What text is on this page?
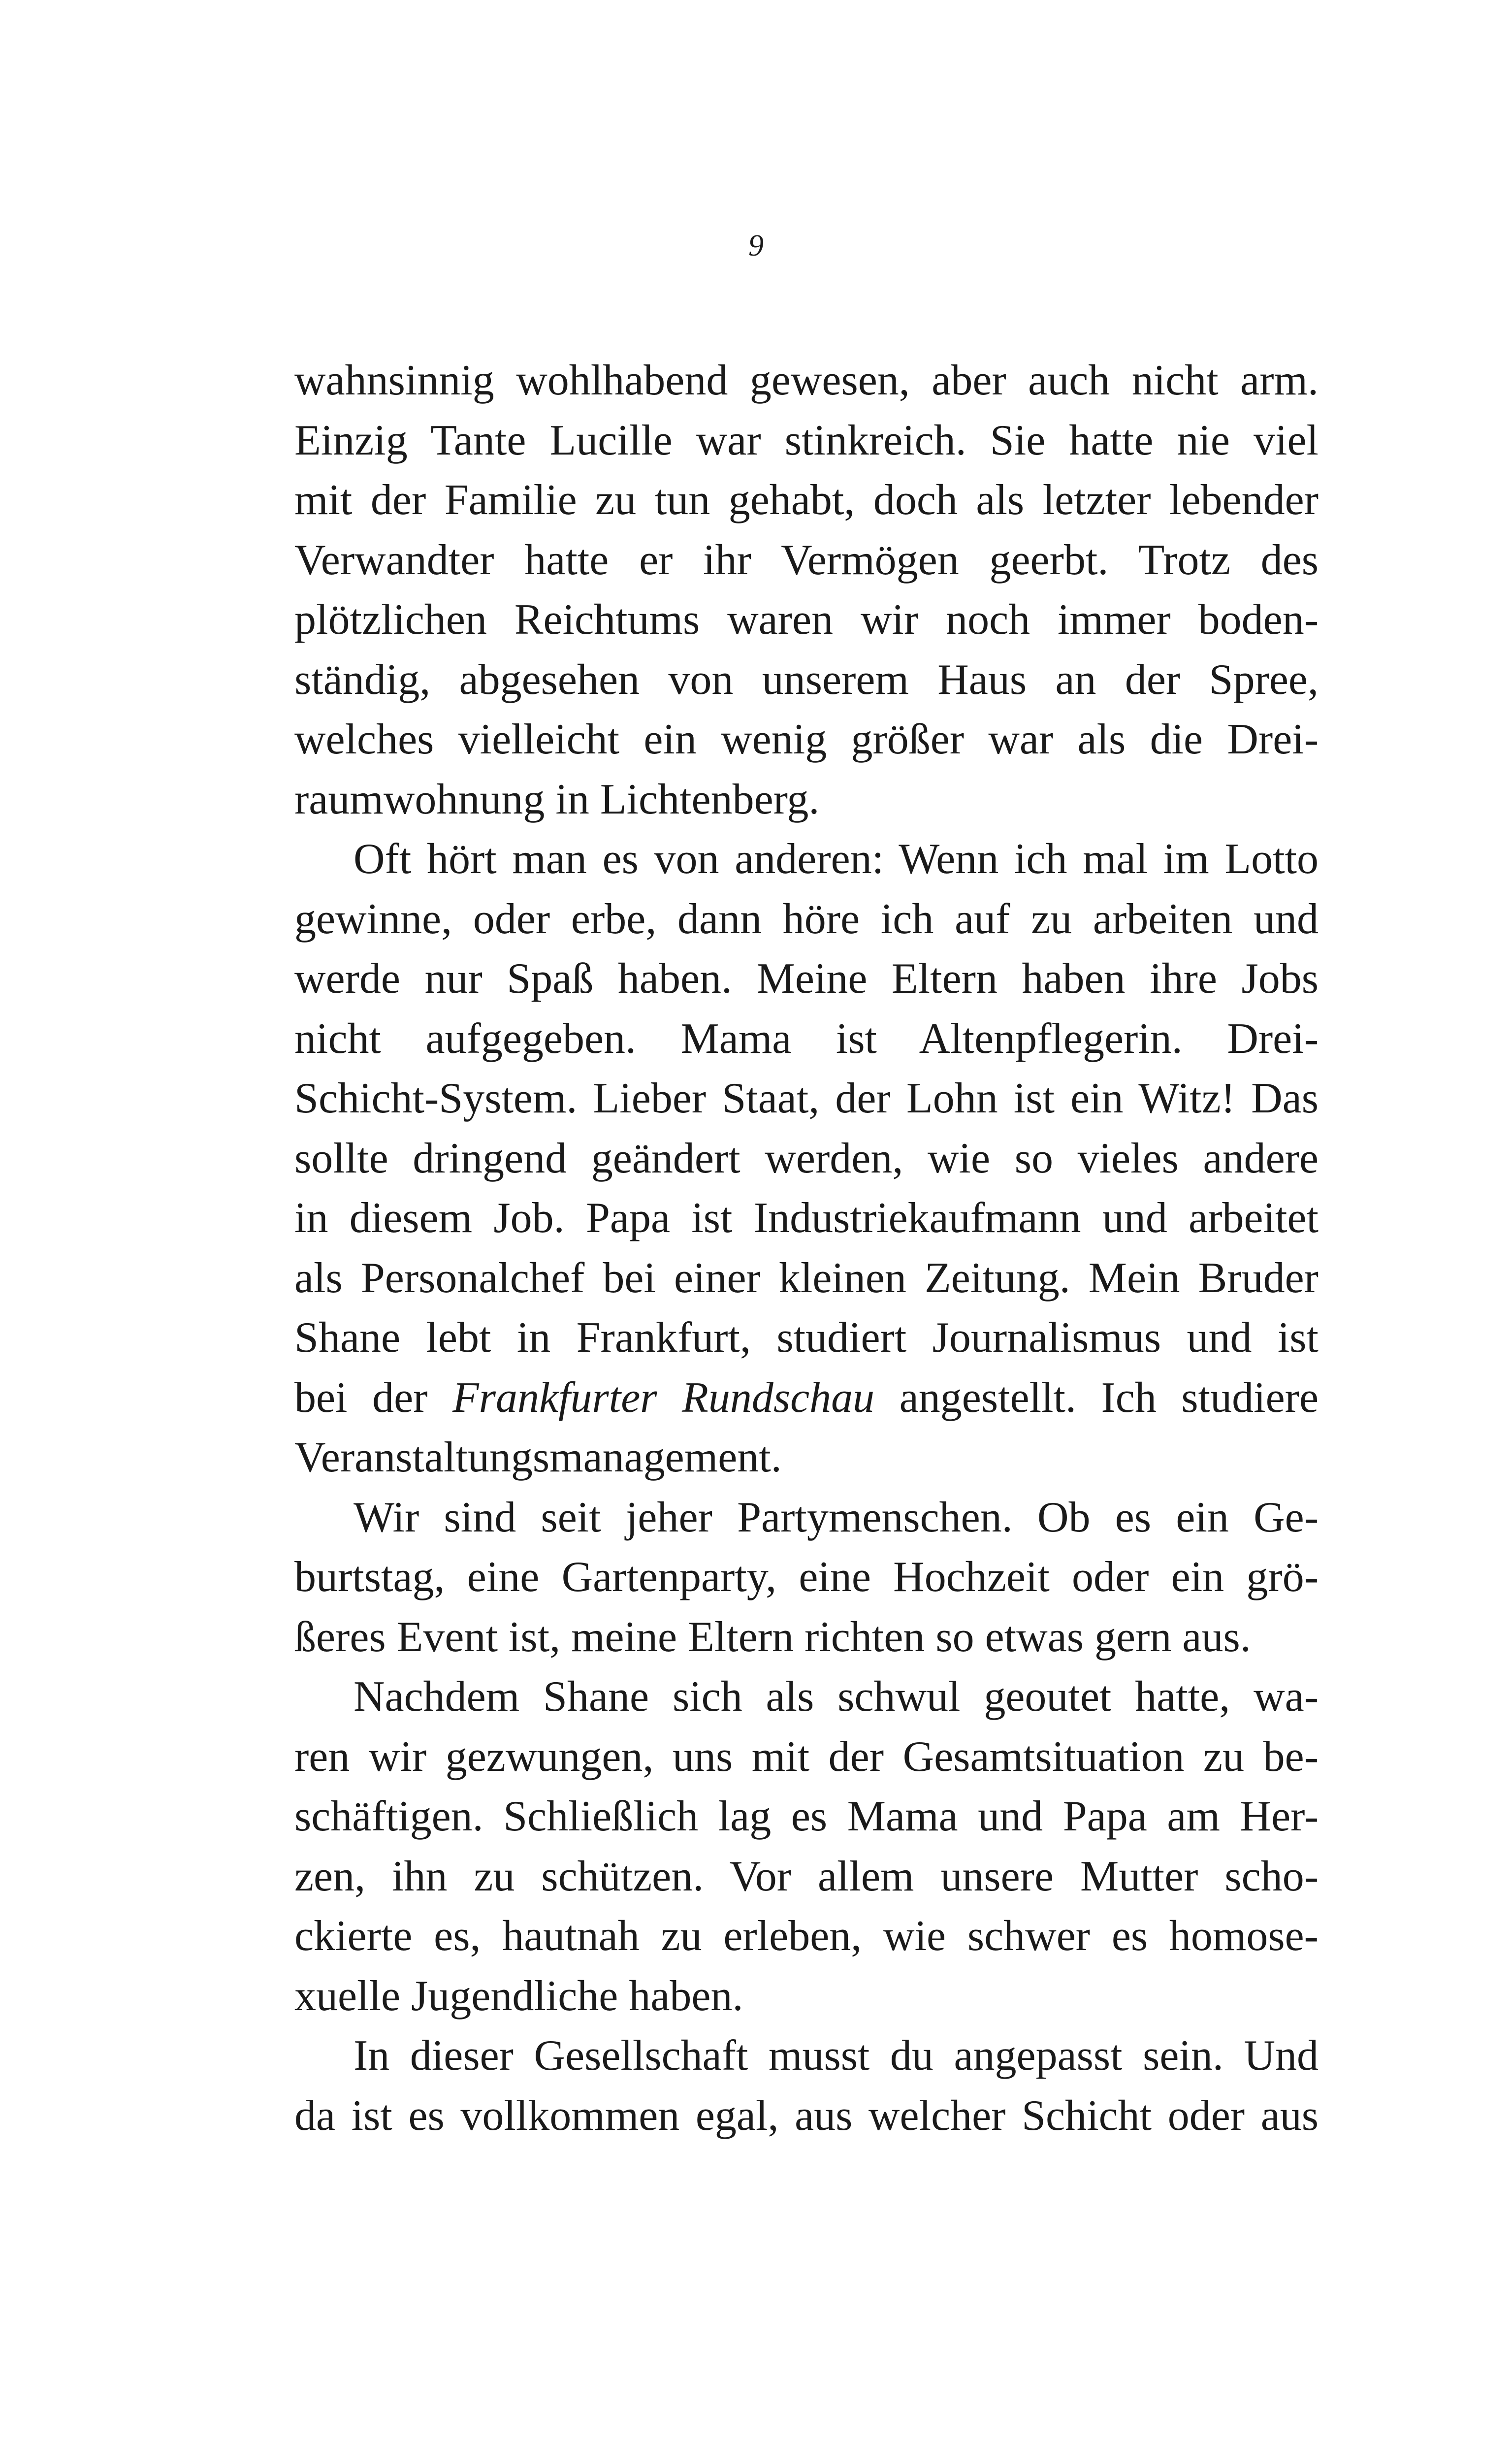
9
wahnsinnig wohlhabend gewesen, aber auch nicht arm.
Einzig Tante Lucille war stinkreich. Sie hatte nie viel
mit der Familie zu tun gehabt, doch als letzter lebender
Verwandter hatte er ihr Vermögen geerbt. Trotz des
plötzlichen Reichtums waren wir noch immer boden-
ständig, abgesehen von unserem Haus an der Spree,
welches vielleicht ein wenig größer war als die Drei-
raumwohnung in Lichtenberg.
Oft hört man es von anderen: Wenn ich mal im Lotto
gewinne, oder erbe, dann höre ich auf zu arbeiten und
werde nur Spaß haben. Meine Eltern haben ihre Jobs
nicht aufgegeben. Mama ist Altenpflegerin. Drei-
Schicht-System. Lieber Staat, der Lohn ist ein Witz! Das
sollte dringend geändert werden, wie so vieles andere
in diesem Job. Papa ist Industriekaufmann und arbeitet
als Personalchef bei einer kleinen Zeitung. Mein Bruder
Shane lebt in Frankfurt, studiert Journalismus und ist
bei der Frankfurter Rundschau angestellt. Ich studiere
Veranstaltungsmanagement.
Wir sind seit jeher Partymenschen. Ob es ein Ge-
burtstag, eine Gartenparty, eine Hochzeit oder ein grö-
ßeres Event ist, meine Eltern richten so etwas gern aus.
Nachdem Shane sich als schwul geoutet hatte, wa-
ren wir gezwungen, uns mit der Gesamtsituation zu be-
schäftigen. Schließlich lag es Mama und Papa am Her-
zen, ihn zu schützen. Vor allem unsere Mutter scho-
ckierte es, hautnah zu erleben, wie schwer es homose-
xuelle Jugendliche haben.
In dieser Gesellschaft musst du angepasst sein. Und
da ist es vollkommen egal, aus welcher Schicht oder aus
